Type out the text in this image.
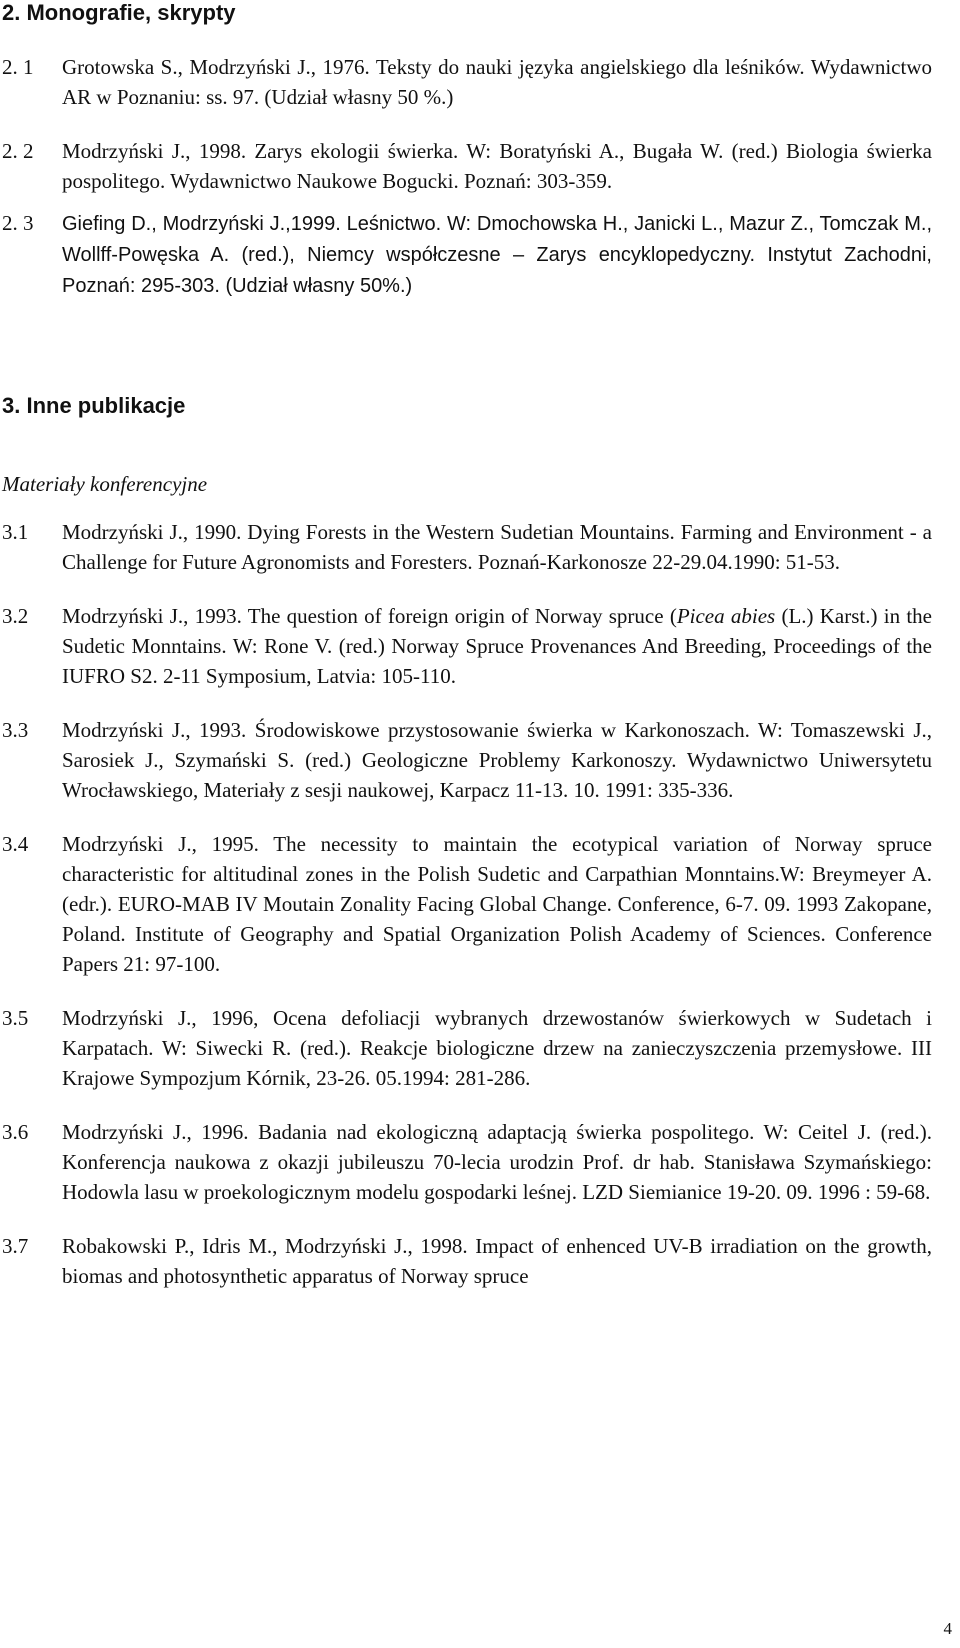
2. Monografie, skrypty
2. 1	Grotowska S., Modrzyński J., 1976. Teksty do nauki języka angielskiego dla leśników. Wydawnictwo AR w Poznaniu: ss. 97. (Udział własny 50 %.)
2. 2	Modrzyński J., 1998. Zarys ekologii świerka. W: Boratyński A., Bugała W. (red.) Biologia świerka pospolitego. Wydawnictwo Naukowe Bogucki. Poznań: 303-359.
2. 3	Giefing D., Modrzyński J.,1999. Leśnictwo. W: Dmochowska H., Janicki L., Mazur Z., Tomczak M., Wollff-Powęska A. (red.), Niemcy współczesne – Zarys encyklopedyczny. Instytut Zachodni, Poznań: 295-303. (Udział własny 50%.)
3. Inne publikacje

Materiały konferencyjne

3.1	Modrzyński J., 1990. Dying Forests in the Western Sudetian Mountains. Farming and Environment - a Challenge for Future Agronomists and Foresters. Poznań-Karkonosze 22-29.04.1990: 51-53.
3.2	Modrzyński J., 1993. The question of foreign origin of Norway spruce (Picea abies (L.) Karst.) in the Sudetic Monntains. W: Rone V. (red.) Norway Spruce Provenances And Breeding, Proceedings of the IUFRO S2. 2-11 Symposium, Latvia: 105-110.
3.3	Modrzyński J., 1993. Środowiskowe przystosowanie świerka w Karkonoszach. W: Tomaszewski J., Sarosiek J., Szymański S. (red.) Geologiczne Problemy Karkonoszy. Wydawnictwo Uniwersytetu Wrocławskiego, Materiały z sesji naukowej, Karpacz 11-13. 10. 1991: 335-336.
3.4	Modrzyński J., 1995. The necessity to maintain the ecotypical variation of Norway spruce characteristic for altitudinal zones in the Polish Sudetic and Carpathian Monntains.W: Breymeyer A. (edr.). EURO-MAB IV Moutain Zonality Facing Global Change. Conference, 6-7. 09. 1993 Zakopane, Poland. Institute of Geography and Spatial Organization Polish Academy of Sciences. Conference Papers 21: 97-100.
3.5	Modrzyński J., 1996, Ocena defoliacji wybranych drzewostanów świerkowych w Sudetach i Karpatach. W: Siwecki R. (red.). Reakcje biologiczne drzew na zanieczyszczenia przemysłowe. III Krajowe Sympozjum Kórnik, 23-26. 05.1994: 281-286.
3.6	Modrzyński J., 1996. Badania nad ekologiczną adaptacją świerka pospolitego. W: Ceitel J. (red.). Konferencja naukowa z okazji jubileuszu 70-lecia urodzin Prof. dr hab. Stanisława Szymańskiego: Hodowla lasu w proekologicznym modelu gospodarki leśnej. LZD Siemianice 19-20. 09. 1996 : 59-68.
3.7	Robakowski P., Idris M., Modrzyński J., 1998. Impact of enhenced UV-B irradiation on the growth, biomas and photosynthetic apparatus of Norway spruce
4
